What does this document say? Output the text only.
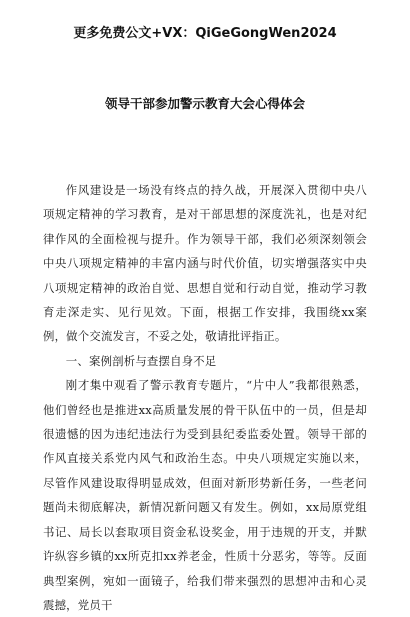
更多免费公文+VX：QiGeGongWen2024
领导干部参加警示教育大会心得体会

作风建设是一场没有终点的持久战，开展深入贯彻中央八项规定精神的学习教育，是对干部思想的深度洗礼，也是对纪律作风的全面检视与提升。作为领导干部，我们必须深刻领会中央八项规定精神的丰富内涵与时代价值，切实增强落实中央八项规定精神的政治自觉、思想自觉和行动自觉，推动学习教育走深走实、见行见效。下面，根据工作安排，我围绕xx案例，做个交流发言，不妥之处，敬请批评指正。

一、案例剖析与查摆自身不足

刚才集中观看了警示教育专题片，“片中人”我都很熟悉，他们曾经也是推进xx高质量发展的骨干队伍中的一员，但是却很遗憾的因为违纪违法行为受到县纪委监委处置。领导干部的作风直接关系党内风气和政治生态。中央八项规定实施以来，尽管作风建设取得明显成效，但面对新形势新任务，一些老问题尚未彻底解决，新情况新问题又有发生。例如，xx局原党组书记、局长以套取项目资金私设奖金，用于违规的开支，并默许纵容乡镇的xx所克扣xx养老金，性质十分恶劣，等等。反面典型案例，宛如一面镜子，给我们带来强烈的思想冲击和心灵震撼，党员干
